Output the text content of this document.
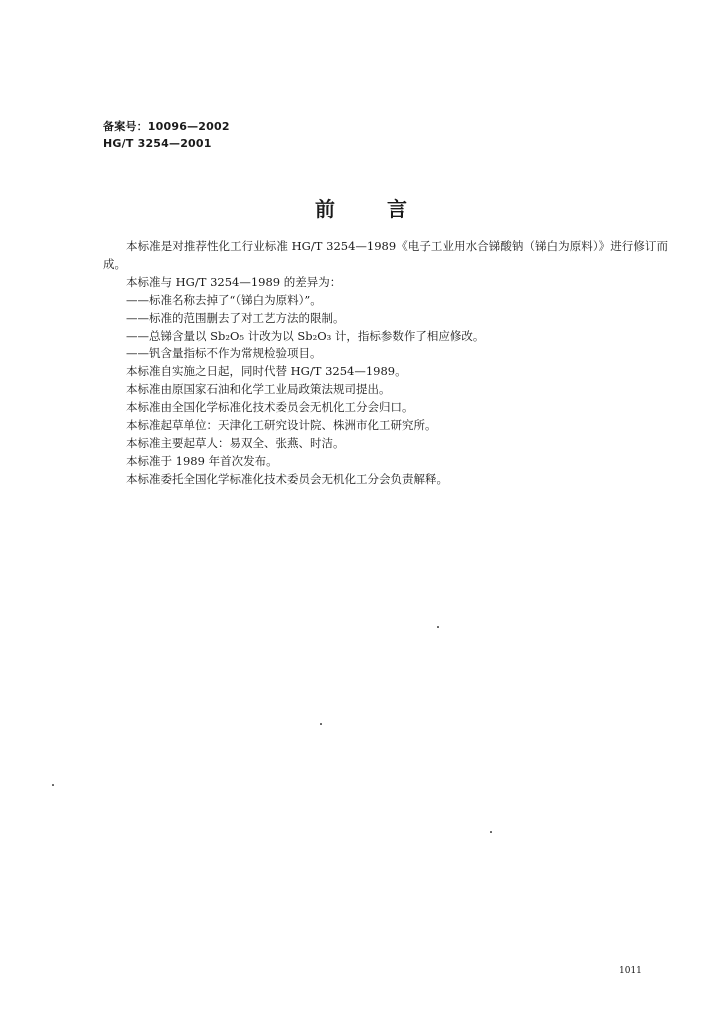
备案号：10096—2002
HG/T 3254—2001
前言

本标准是对推荐性化工行业标准 HG/T 3254—1989《电子工业用水合锑酸钠（锑白为原料）》进行修订而成。

本标准与 HG/T 3254—1989 的差异为：

——标准名称去掉了“（锑白为原料）”。

——标准的范围删去了对工艺方法的限制。

——总锑含量以 Sb₂O₅ 计改为以 Sb₂O₃ 计，指标参数作了相应修改。

——钒含量指标不作为常规检验项目。

本标准自实施之日起，同时代替 HG/T 3254—1989。

本标准由原国家石油和化学工业局政策法规司提出。

本标准由全国化学标准化技术委员会无机化工分会归口。

本标准起草单位：天津化工研究设计院、株洲市化工研究所。

本标准主要起草人：易双全、张燕、时洁。

本标准于 1989 年首次发布。

本标准委托全国化学标准化技术委员会无机化工分会负责解释。

1011
